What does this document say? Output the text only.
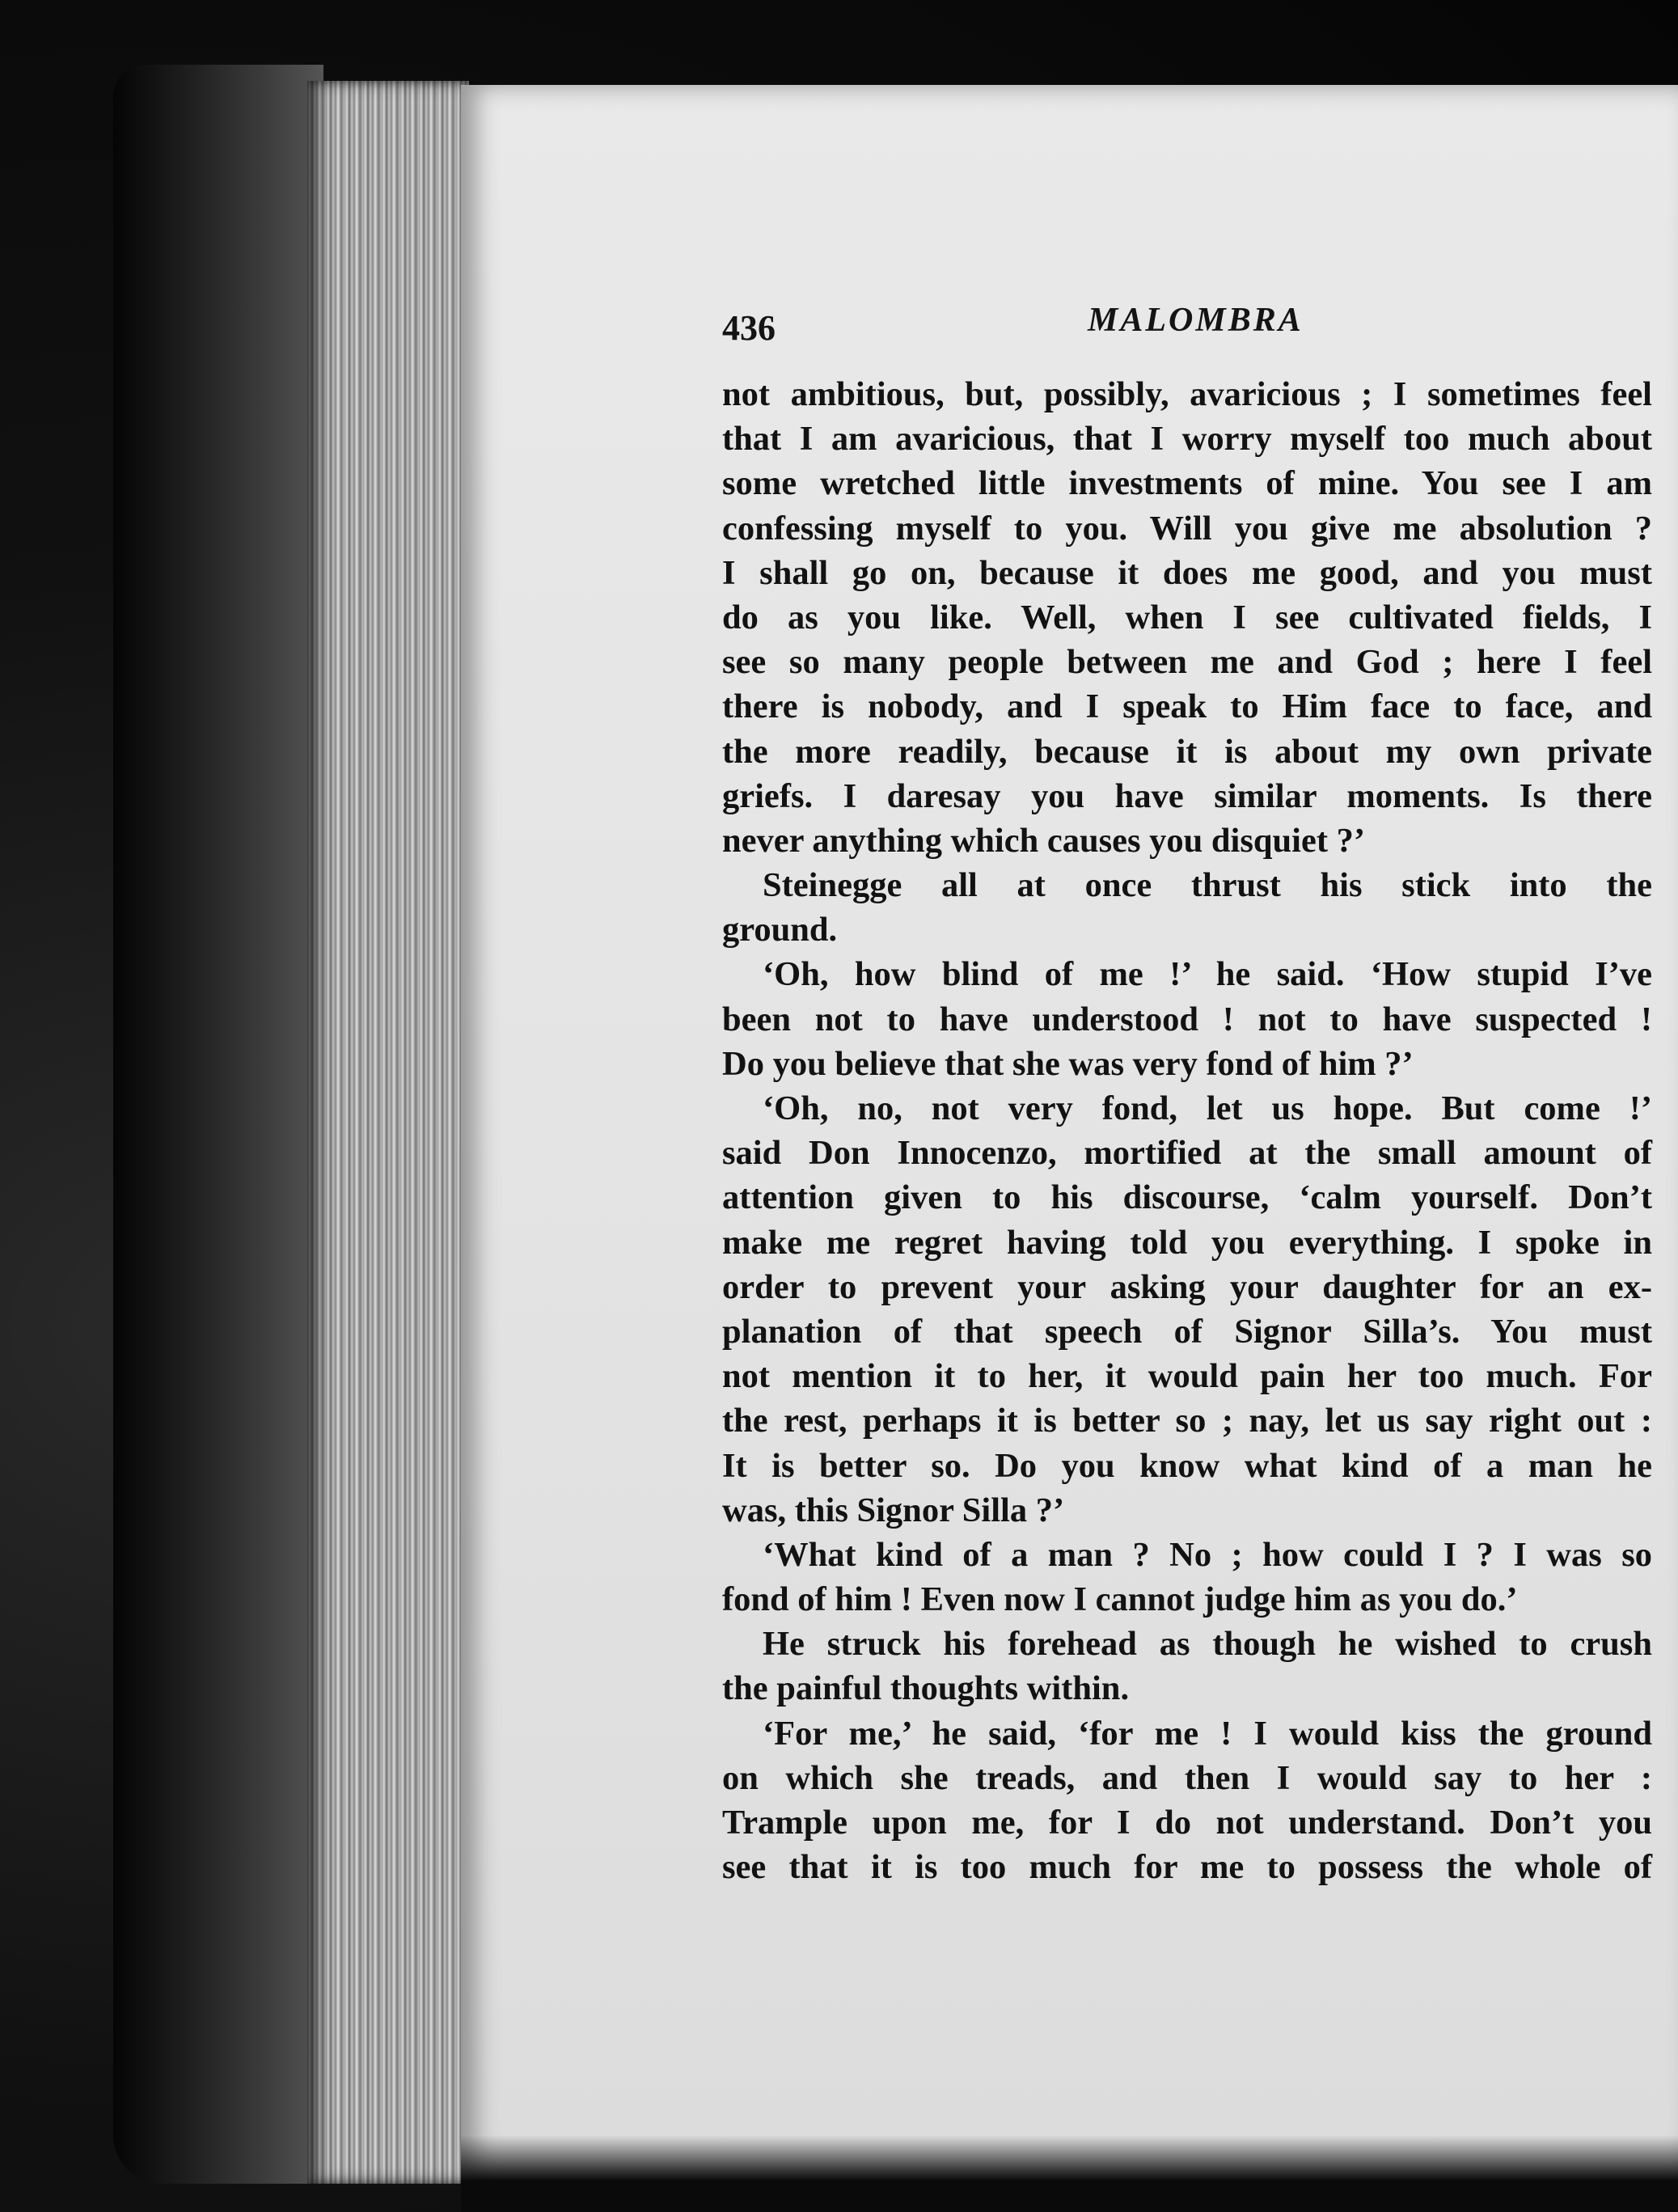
436	MALOMBRA
not ambitious, but, possibly, avaricious ; I sometimes feel
that I am avaricious, that I worry myself too much about
some wretched little investments of mine. You see I am
confessing myself to you. Will you give me absolution ?
I shall go on, because it does me good, and you must
do as you like. Well, when I see cultivated fields, I
see so many people between me and God ; here I feel
there is nobody, and I speak to Him face to face, and
the more readily, because it is about my own private
griefs. I daresay you have similar moments. Is there
never anything which causes you disquiet ?’
Steinegge all at once thrust his stick into the
ground.
‘Oh, how blind of me !’ he said. ‘How stupid I’ve
been not to have understood ! not to have suspected !
Do you believe that she was very fond of him ?’
‘Oh, no, not very fond, let us hope. But come !’
said Don Innocenzo, mortified at the small amount of
attention given to his discourse, ‘calm yourself. Don’t
make me regret having told you everything. I spoke in
order to prevent your asking your daughter for an ex-
planation of that speech of Signor Silla’s. You must
not mention it to her, it would pain her too much. For
the rest, perhaps it is better so ; nay, let us say right out :
It is better so. Do you know what kind of a man he
was, this Signor Silla ?’
‘What kind of a man ? No ; how could I ? I was so
fond of him ! Even now I cannot judge him as you do.’
He struck his forehead as though he wished to crush
the painful thoughts within.
‘For me,’ he said, ‘for me ! I would kiss the ground
on which she treads, and then I would say to her :
Trample upon me, for I do not understand. Don’t you
see that it is too much for me to possess the whole of
